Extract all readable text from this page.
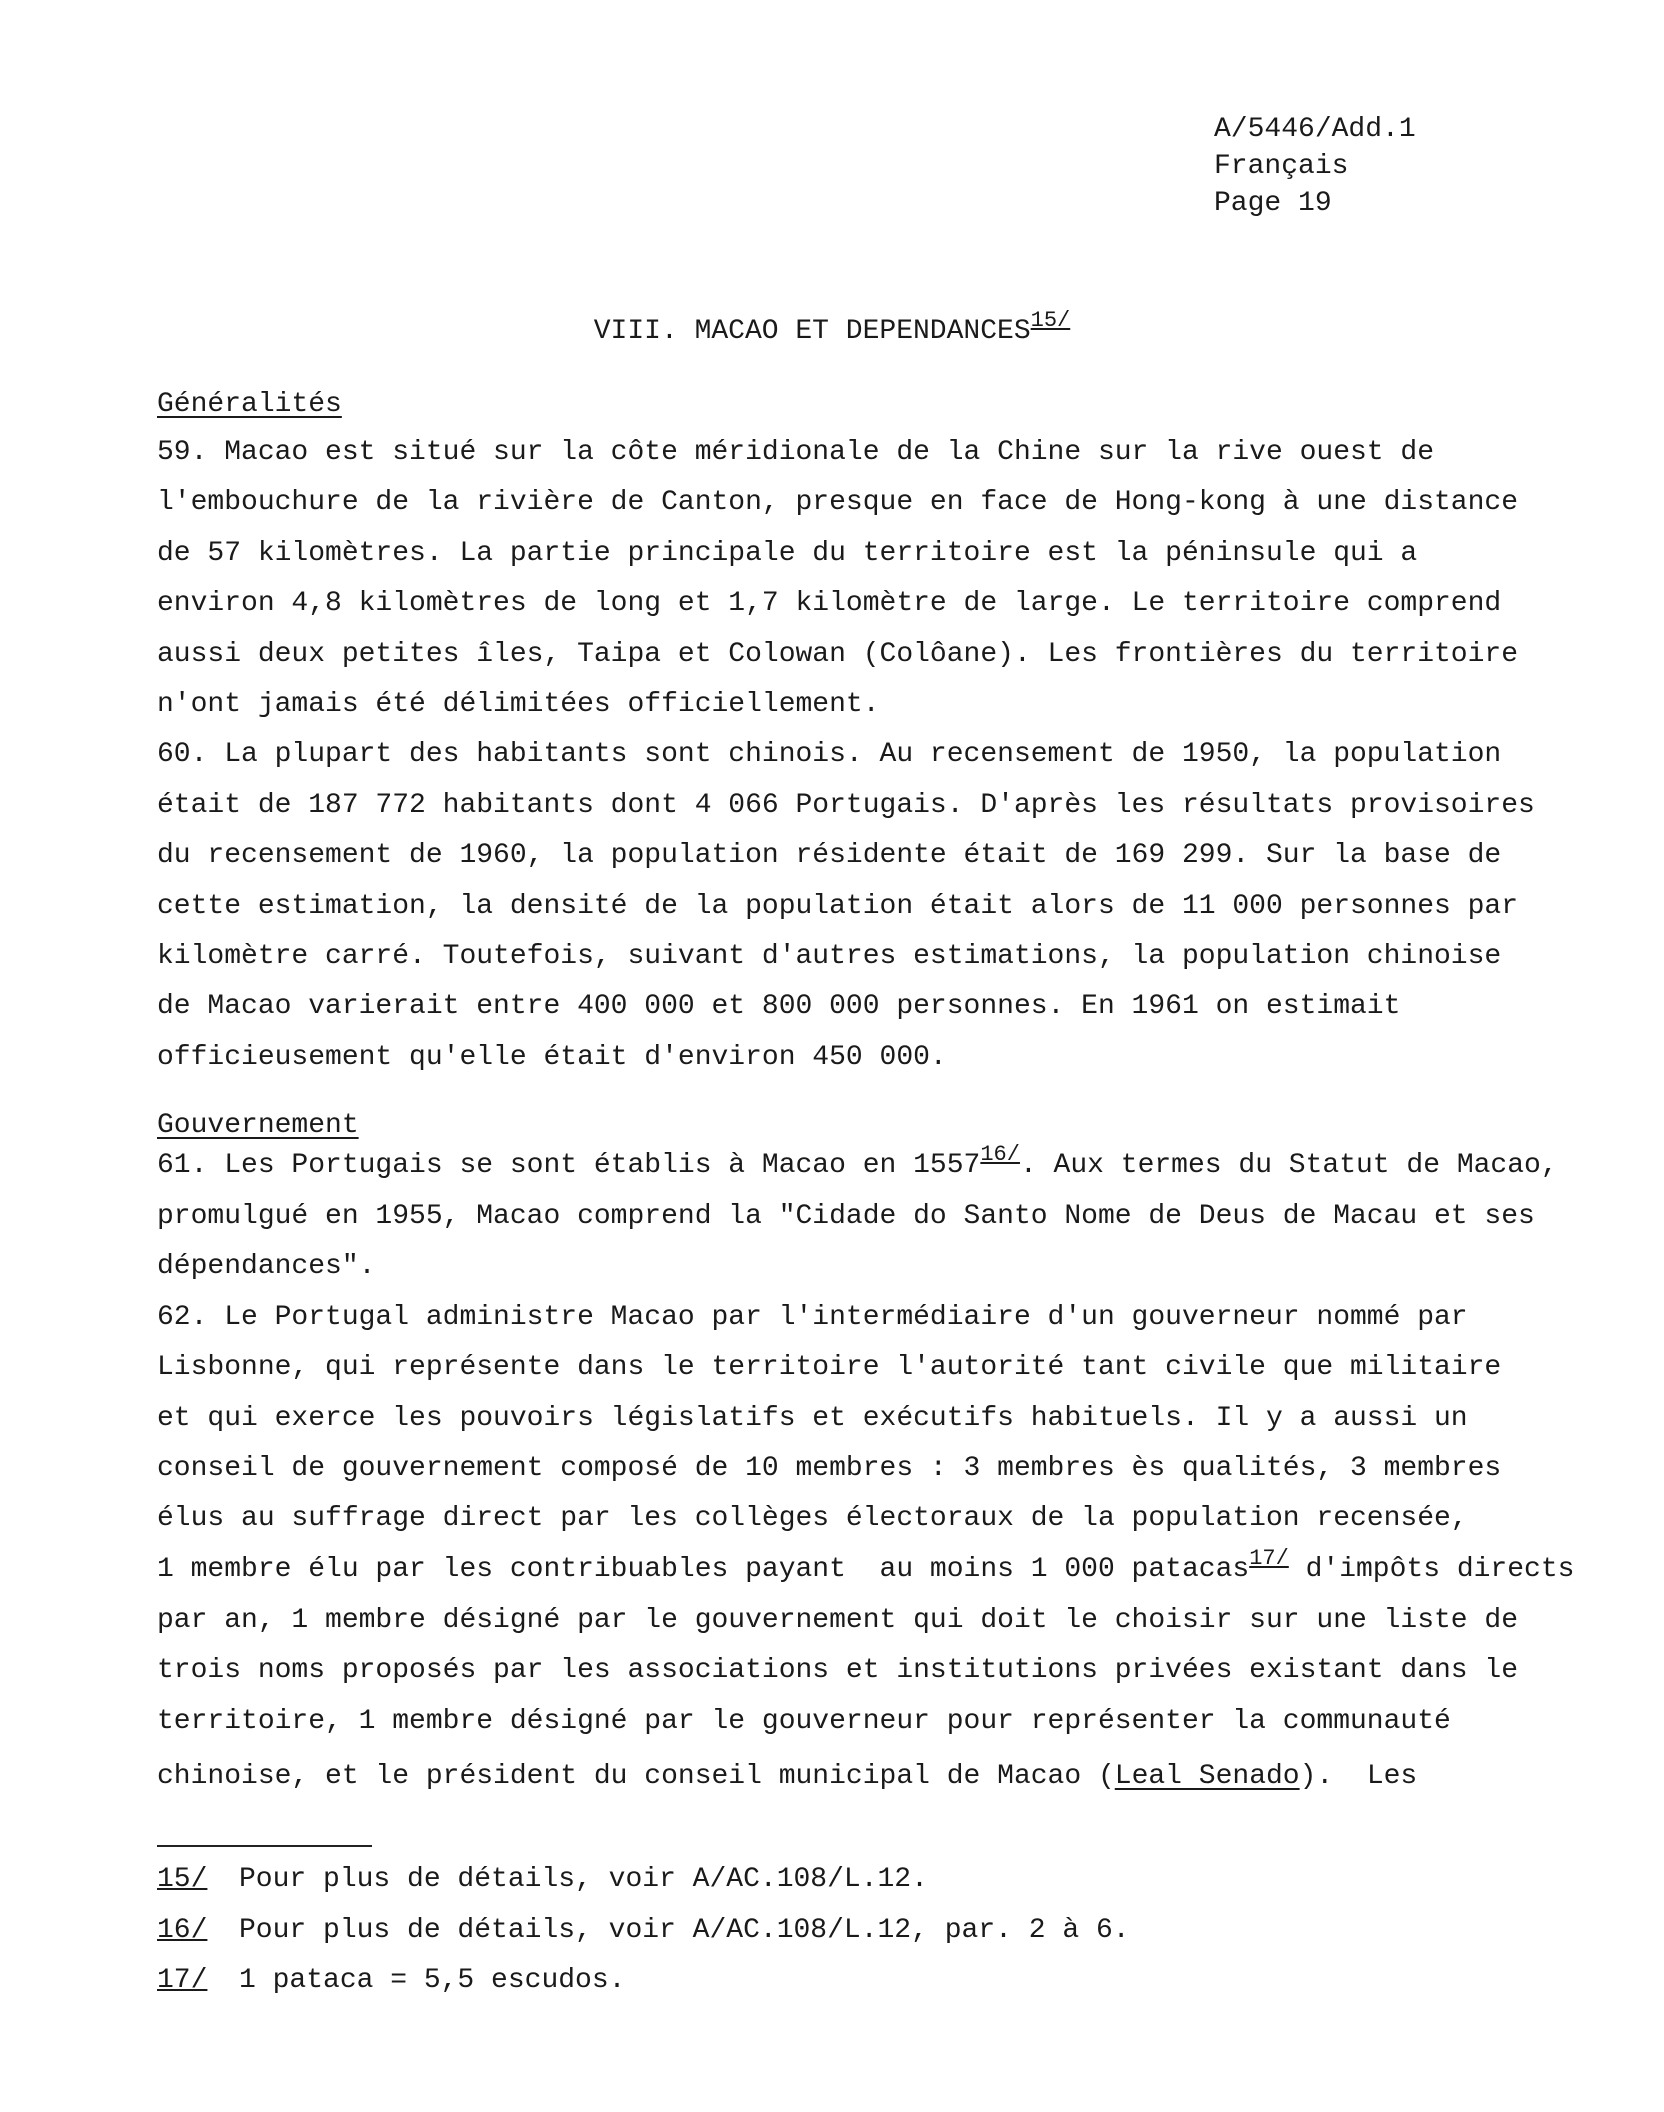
A/5446/Add.1
Français
Page 19
VIII. MACAO ET $DEPENDANCES^{15/}$
Généralités
59. Macao est situé sur la côte méridionale de la Chine sur la rive ouest de
l'embouchure de la rivière de Canton, presque en face de Hong-kong à une distance
de 57 kilomètres. La partie principale du territoire est la péninsule qui a
environ 4,8 kilomètres de long et 1,7 kilomètre de large. Le territoire comprend
aussi deux petites îles, Taipa et Colowan (Colôane). Les frontières du territoire
n'ont jamais été délimitées officiellement.
60. La plupart des habitants sont chinois. Au recensement de 1950, la population
était de 187 772 habitants dont 4 066 Portugais. D'après les résultats provisoires
du recensement de 1960, la population résidente était de 169 299. Sur la base de
cette estimation, la densité de la population était alors de 11 000 personnes par
kilomètre carré. Toutefois, suivant d'autres estimations, la population chinoise
de Macao varierait entre 400 000 et 800 000 personnes. En 1961 on estimait
officieusement qu'elle était d'environ 450 000.
Gouvernement
61. Les Portugais se sont établis à Macao en $1557^{16/}$. Aux termes du Statut de Macao,
promulgué en 1955, Macao comprend la "Cidade do Santo Nome de Deus de Macau et ses
dépendances".
62. Le Portugal administre Macao par l'intermédiaire d'un gouverneur nommé par
Lisbonne, qui représente dans le territoire l'autorité tant civile que militaire
et qui exerce les pouvoirs législatifs et exécutifs habituels. Il y a aussi un
conseil de gouvernement composé de 10 membres : 3 membres ès qualités, 3 membres
élus au suffrage direct par les collèges électoraux de la population recensée,
1 membre élu par les contribuables payant  au moins 1 000 patacas$^{17/}$ d'impôts directs
par an, 1 membre désigné par le gouvernement qui doit le choisir sur une liste de
trois noms proposés par les associations et institutions privées existant dans le
territoire, 1 membre désigné par le gouverneur pour représenter la communauté
chinoise, et le président du conseil municipal de Macao (Leal Senado).  Les
15/ Pour plus de détails, voir A/AC.108/L.12.
16/ Pour plus de détails, voir A/AC.108/L.12, par. 2 à 6.
17/ 1 pataca = 5,5 escudos.
